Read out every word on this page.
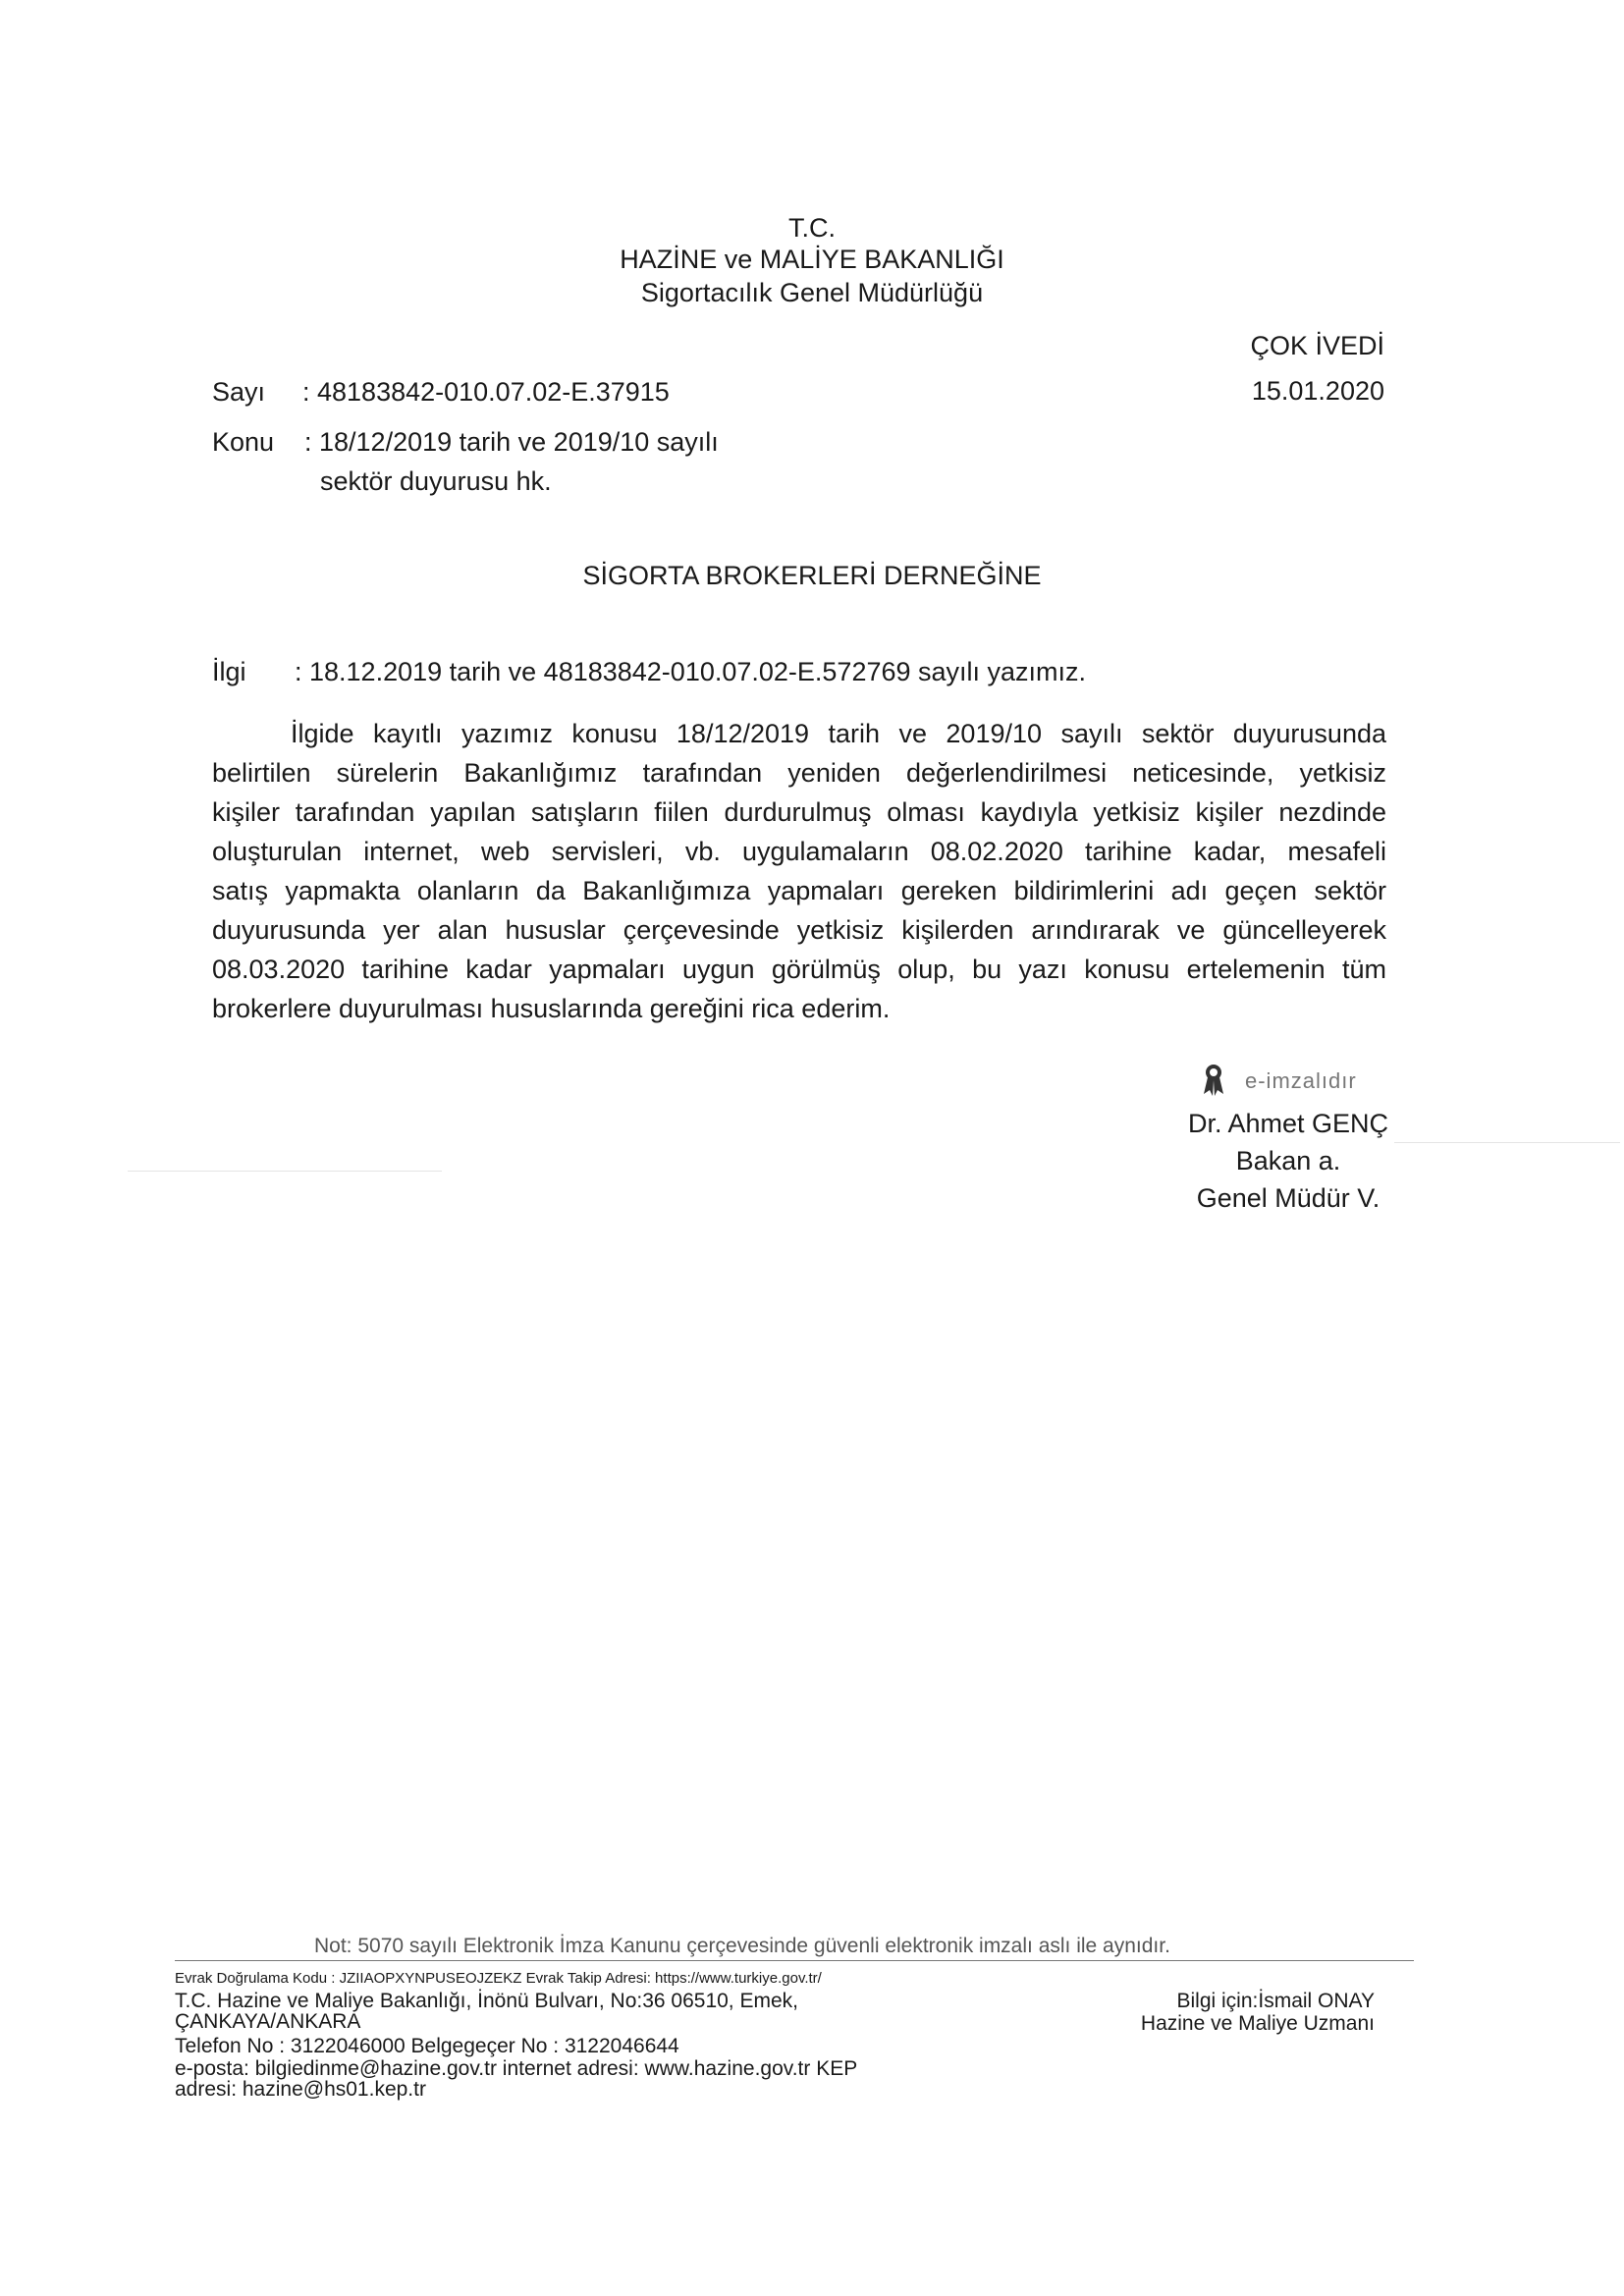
T.C.
HAZİNE ve MALİYE BAKANLIĞI
Sigortacılık Genel Müdürlüğü
ÇOK İVEDİ
15.01.2020
Sayı : 48183842-010.07.02-E.37915
Konu : 18/12/2019 tarih ve 2019/10 sayılı
sektör duyurusu hk.
SİGORTA BROKERLERİ DERNEĞİNE
İlgi : 18.12.2019 tarih ve 48183842-010.07.02-E.572769 sayılı yazımız.
İlgide kayıtlı yazımız konusu 18/12/2019 tarih ve 2019/10 sayılı sektör duyurusunda
belirtilen sürelerin Bakanlığımız tarafından yeniden değerlendirilmesi neticesinde, yetkisiz
kişiler tarafından yapılan satışların fiilen durdurulmuş olması kaydıyla yetkisiz kişiler nezdinde
oluşturulan internet, web servisleri, vb. uygulamaların 08.02.2020 tarihine kadar, mesafeli
satış yapmakta olanların da Bakanlığımıza yapmaları gereken bildirimlerini adı geçen sektör
duyurusunda yer alan hususlar çerçevesinde yetkisiz kişilerden arındırarak ve güncelleyerek
08.03.2020 tarihine kadar yapmaları uygun görülmüş olup, bu yazı konusu ertelemenin tüm
brokerlere duyurulması hususlarında gereğini rica ederim.
e-imzalıdır
Dr. Ahmet GENÇ
Bakan a.
Genel Müdür V.
Not: 5070 sayılı Elektronik İmza Kanunu çerçevesinde güvenli elektronik imzalı aslı ile aynıdır.
Evrak Doğrulama Kodu : JZIIAOPXYNPUSEOJZEKZ Evrak Takip Adresi: https://www.turkiye.gov.tr/
T.C. Hazine ve Maliye Bakanlığı, İnönü Bulvarı, No:36 06510, Emek,
ÇANKAYA/ANKARA
Telefon No : 3122046000 Belgegeçer No : 3122046644
e-posta: bilgiedinme@hazine.gov.tr internet adresi: www.hazine.gov.tr KEP
adresi: hazine@hs01.kep.tr
Bilgi için:İsmail ONAY
Hazine ve Maliye Uzmanı
